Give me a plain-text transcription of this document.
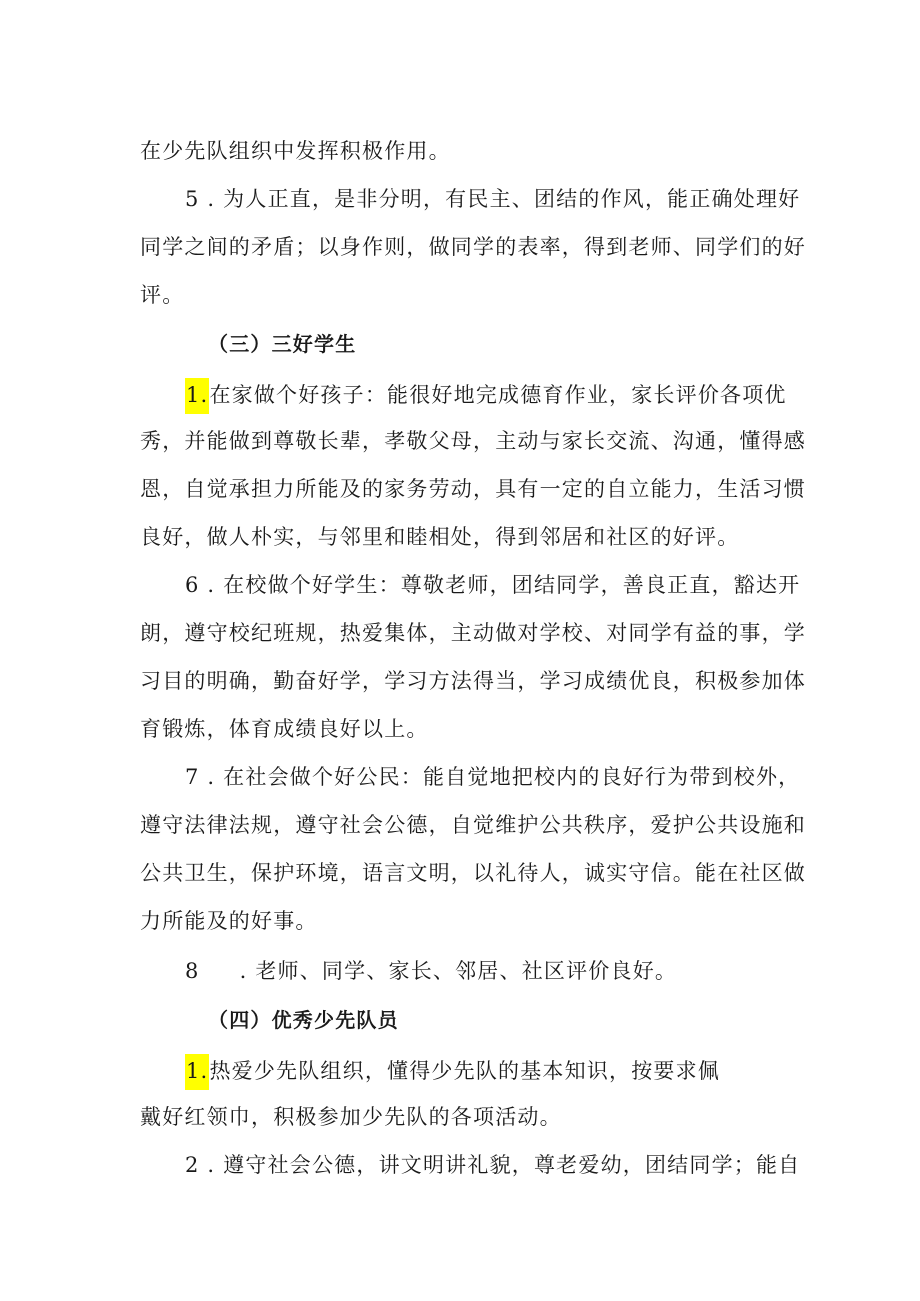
在少先队组织中发挥积极作用。
5 . 为人正直，是非分明，有民主、团结的作风，能正确处理好
同学之间的矛盾；以身作则，做同学的表率，得到老师、同学们的好
评。
（三）三好学生
1.在家做个好孩子：能很好地完成德育作业，家长评价各项优
秀，并能做到尊敬长辈，孝敬父母，主动与家长交流、沟通，懂得感
恩，自觉承担力所能及的家务劳动，具有一定的自立能力，生活习惯
良好，做人朴实，与邻里和睦相处，得到邻居和社区的好评。
6 . 在校做个好学生：尊敬老师，团结同学，善良正直，豁达开
朗，遵守校纪班规，热爱集体，主动做对学校、对同学有益的事，学
习目的明确，勤奋好学，学习方法得当，学习成绩优良，积极参加体
育锻炼，体育成绩良好以上。
7 . 在社会做个好公民：能自觉地把校内的良好行为带到校外，
遵守法律法规，遵守社会公德，自觉维护公共秩序，爱护公共设施和
公共卫生，保护环境，语言文明，以礼待人，诚实守信。能在社区做
力所能及的好事。
8 . 老师、同学、家长、邻居、社区评价良好。
（四）优秀少先队员
1.热爱少先队组织，懂得少先队的基本知识，按要求佩
戴好红领巾，积极参加少先队的各项活动。
2 . 遵守社会公德，讲文明讲礼貌，尊老爱幼，团结同学；能自
